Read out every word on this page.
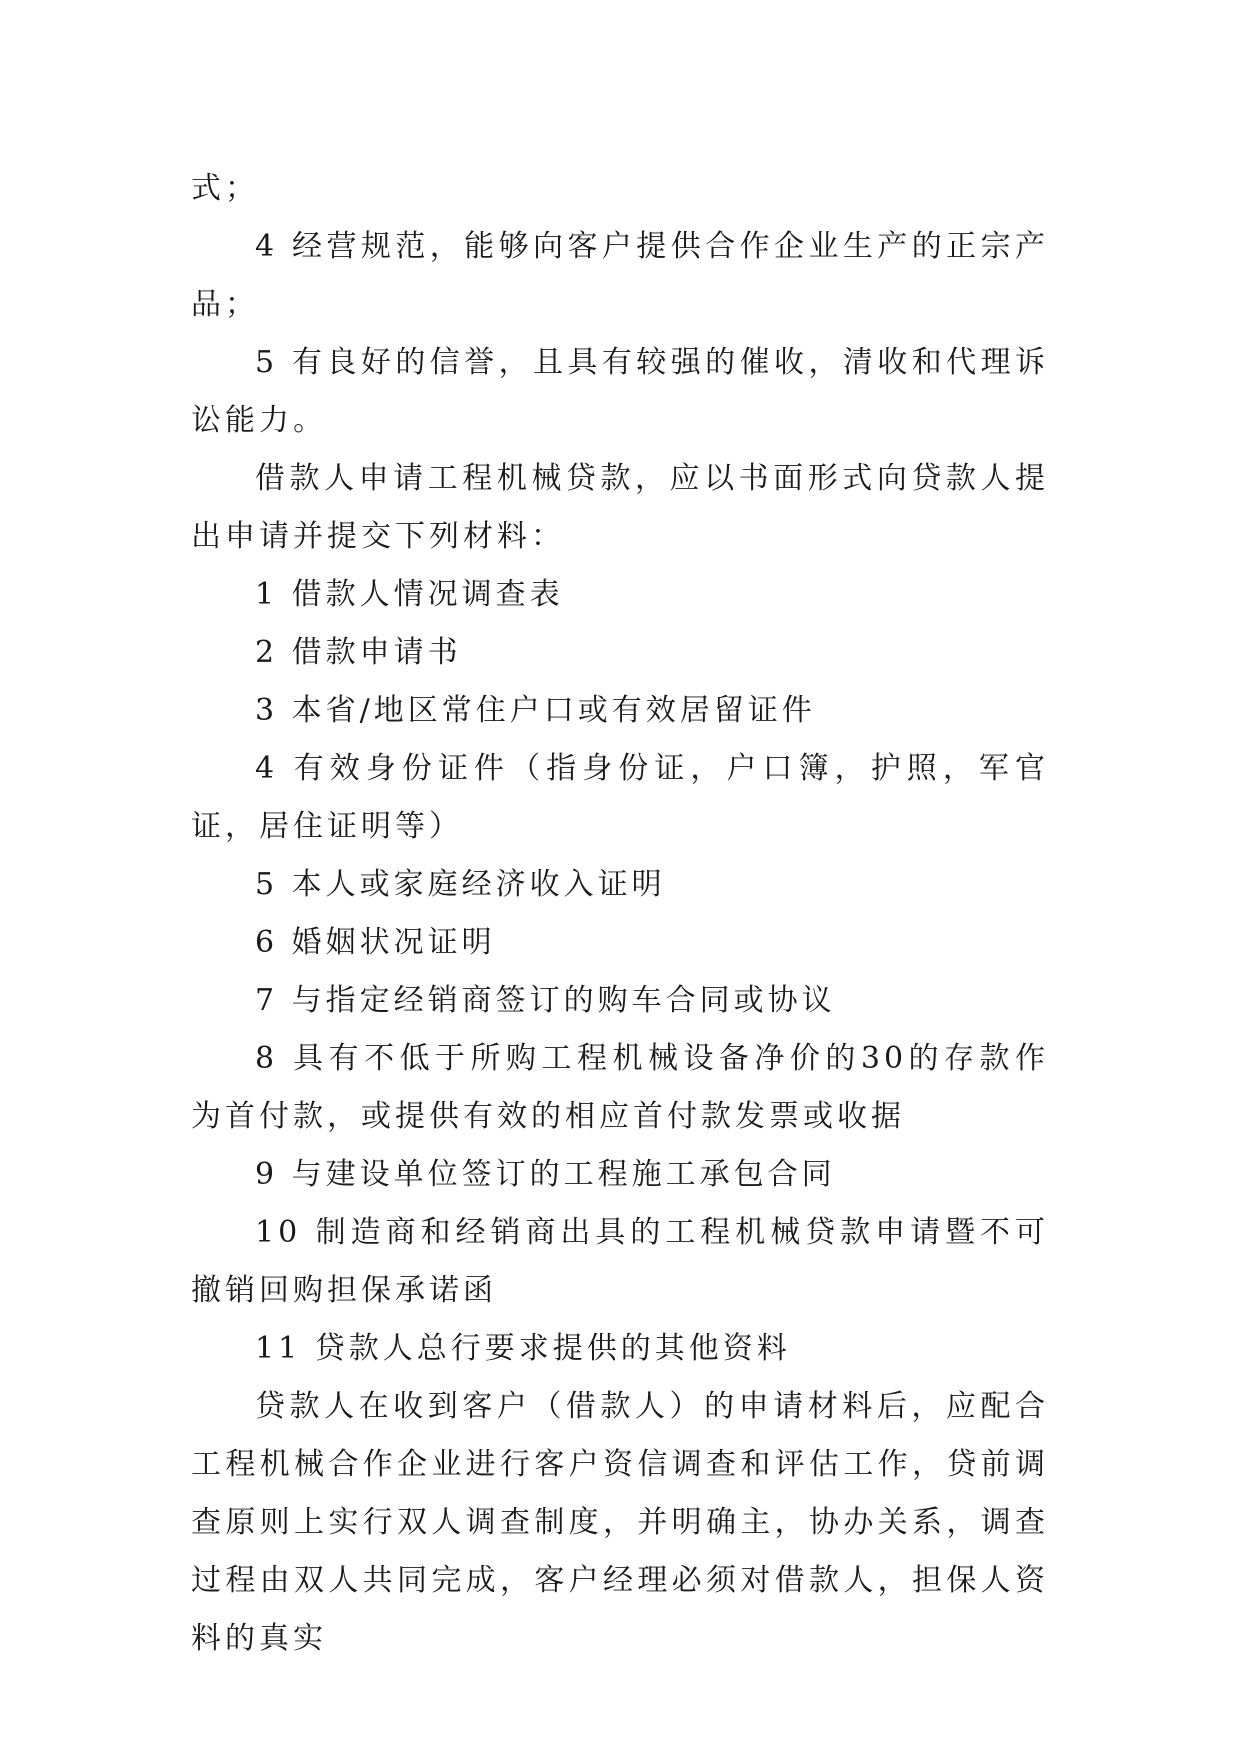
式；

4 经营规范，能够向客户提供合作企业生产的正宗产品；

5 有良好的信誉，且具有较强的催收，清收和代理诉讼能力。

借款人申请工程机械贷款，应以书面形式向贷款人提出申请并提交下列材料：

1 借款人情况调查表

2 借款申请书

3 本省/地区常住户口或有效居留证件

4 有效身份证件（指身份证，户口簿，护照，军官证，居住证明等）

5 本人或家庭经济收入证明

6 婚姻状况证明

7 与指定经销商签订的购车合同或协议

8 具有不低于所购工程机械设备净价的30的存款作为首付款，或提供有效的相应首付款发票或收据

9 与建设单位签订的工程施工承包合同

10 制造商和经销商出具的工程机械贷款申请暨不可撤销回购担保承诺函

11 贷款人总行要求提供的其他资料

贷款人在收到客户（借款人）的申请材料后，应配合工程机械合作企业进行客户资信调查和评估工作，贷前调查原则上实行双人调查制度，并明确主，协办关系，调查过程由双人共同完成，客户经理必须对借款人，担保人资料的真实
